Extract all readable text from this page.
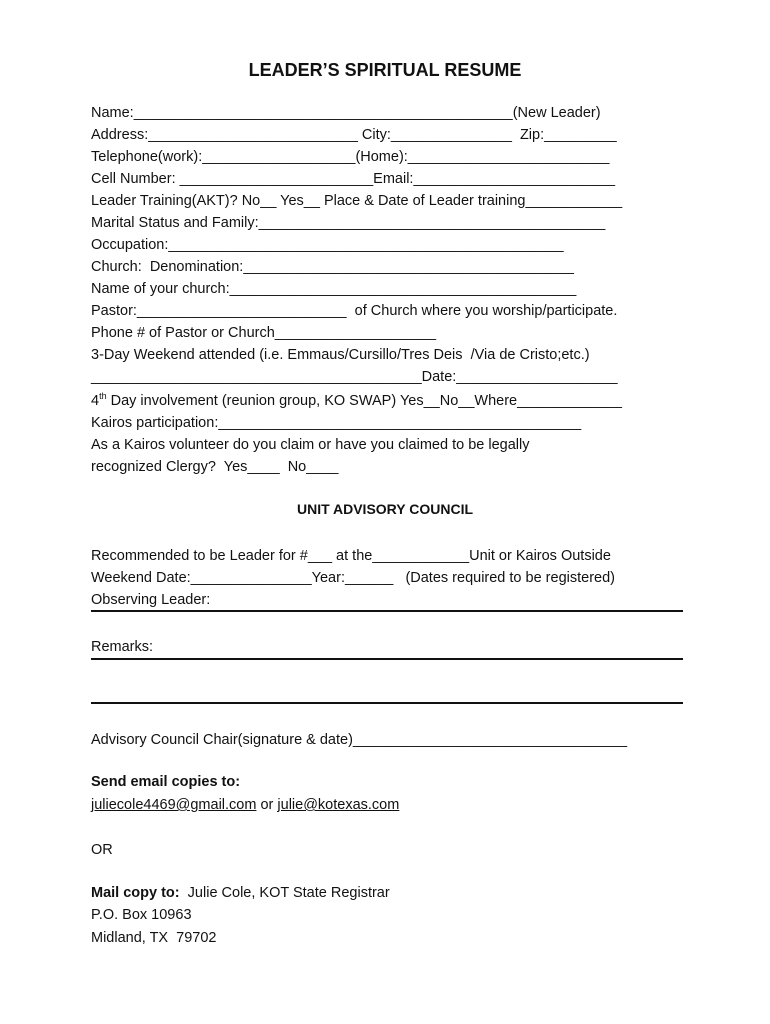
LEADER’S SPIRITUAL RESUME
Name:_______________________________________________(New Leader)
Address:__________________________ City:_______________  Zip:_________
Telephone(work):___________________(Home):_________________________
Cell Number: ________________________Email:_________________________
Leader Training(AKT)? No__ Yes__ Place & Date of Leader training____________
Marital Status and Family:___________________________________________
Occupation:_________________________________________________
Church:  Denomination:_________________________________________
Name of your church:___________________________________________
Pastor:__________________________  of Church where you worship/participate.
Phone # of Pastor or Church____________________
3-Day Weekend attended (i.e. Emmaus/Cursillo/Tres Deis  /Via de Cristo;etc.)
_________________________________________Date:____________________
4th Day involvement (reunion group, KO SWAP) Yes__No__Where_____________
Kairos participation:_____________________________________________
As a Kairos volunteer do you claim or have you claimed to be legally
recognized Clergy?  Yes____  No____
UNIT ADVISORY COUNCIL
Recommended to be Leader for #___ at the____________Unit or Kairos Outside
Weekend Date:_______________Year:______   (Dates required to be registered)
Observing Leader:
Remarks:
Advisory Council Chair(signature & date)__________________________________
Send email copies to:
juliecole4469@gmail.com or julie@kotexas.com
OR
Mail copy to:  Julie Cole, KOT State Registrar
P.O. Box 10963
Midland, TX  79702
